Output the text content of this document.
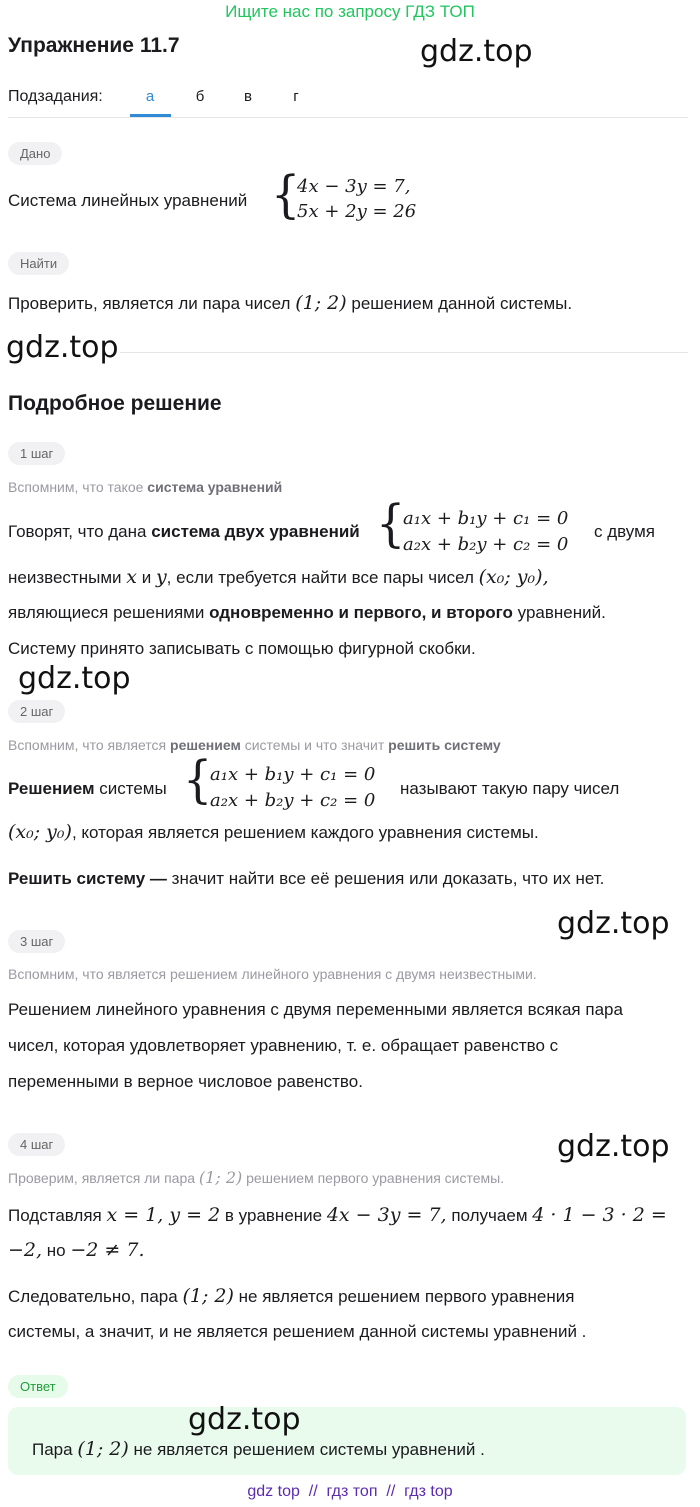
Ищите нас по запросу ГДЗ ТОП
Упражнение 11.7	gdz.top
Подзадания:	а	б	в	г
Дано
Система линейных уравнений {
4x − 3y = 7,
5x + 2y = 26
Найти
Проверить, является ли пара чисел (1; 2) решением данной системы.
gdz.top
Подробное решение
1 шаг
Вспомним, что такое система уравнений
Говорят, что дана система двух уравнений {
a₁x + b₁y + c₁ = 0
a₂x + b₂y + c₂ = 0
с двумя
неизвестными x и y, если требуется найти все пары чисел (x₀; y₀),
являющиеся решениями одновременно и первого, и второго уравнений.
Систему принято записывать с помощью фигурной скобки.
gdz.top
2 шаг
Вспомним, что является решением системы и что значит решить систему
Решением системы {
a₁x + b₁y + c₁ = 0
a₂x + b₂y + c₂ = 0
называют такую пару чисел
(x₀; y₀), которая является решением каждого уравнения системы.
Решить систему — значит найти все её решения или доказать, что их нет.
gdz.top
3 шаг
Вспомним, что является решением линейного уравнения с двумя неизвестными.
Решением линейного уравнения с двумя переменными является всякая пара
чисел, которая удовлетворяет уравнению, т. е. обращает равенство с
переменными в верное числовое равенство.
4 шаг	gdz.top
Проверим, является ли пара (1; 2) решением первого уравнения системы.
Подставляя x = 1, y = 2 в уравнение 4x − 3y = 7, получаем 4 · 1 − 3 · 2 =
−2, но −2 ≠ 7.
Следовательно, пара (1; 2) не является решением первого уравнения
системы, а значит, и не является решением данной системы уравнений .
Ответ
gdz.top
Пара (1; 2) не является решением системы уравнений .
gdz top  //  гдз топ  //  гдз top
